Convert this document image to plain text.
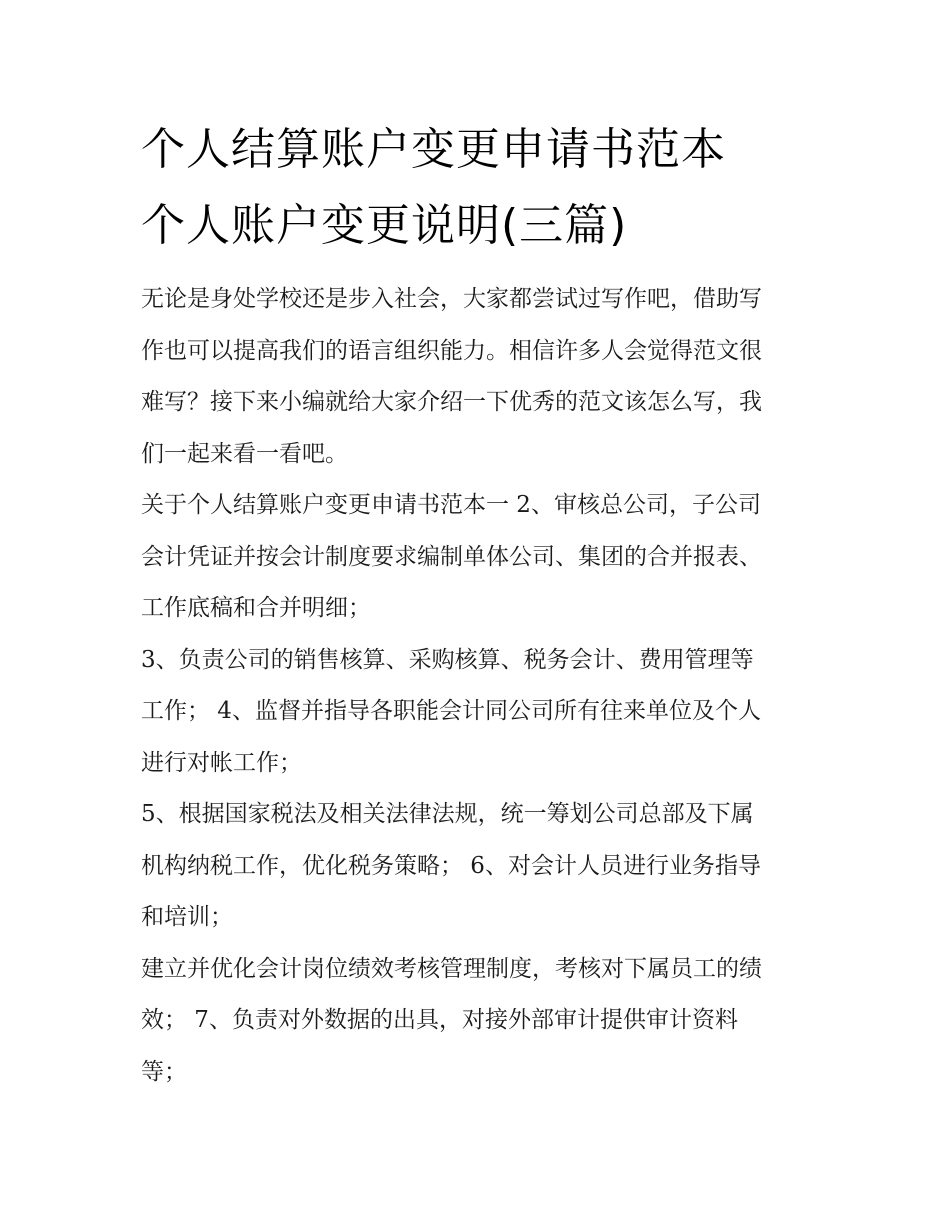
个人结算账户变更申请书范本
个人账户变更说明(三篇)
无论是身处学校还是步入社会，大家都尝试过写作吧，借助写
作也可以提高我们的语言组织能力。相信许多人会觉得范文很
难写？接下来小编就给大家介绍一下优秀的范文该怎么写，我
们一起来看一看吧。
关于个人结算账户变更申请书范本一 2、审核总公司，子公司
会计凭证并按会计制度要求编制单体公司、集团的合并报表、
工作底稿和合并明细；
3、负责公司的销售核算、采购核算、税务会计、费用管理等
工作； 4、监督并指导各职能会计同公司所有往来单位及个人
进行对帐工作；
5、根据国家税法及相关法律法规，统一筹划公司总部及下属
机构纳税工作，优化税务策略； 6、对会计人员进行业务指导
和培训；
建立并优化会计岗位绩效考核管理制度，考核对下属员工的绩
效； 7、负责对外数据的出具，对接外部审计提供审计资料
等；
